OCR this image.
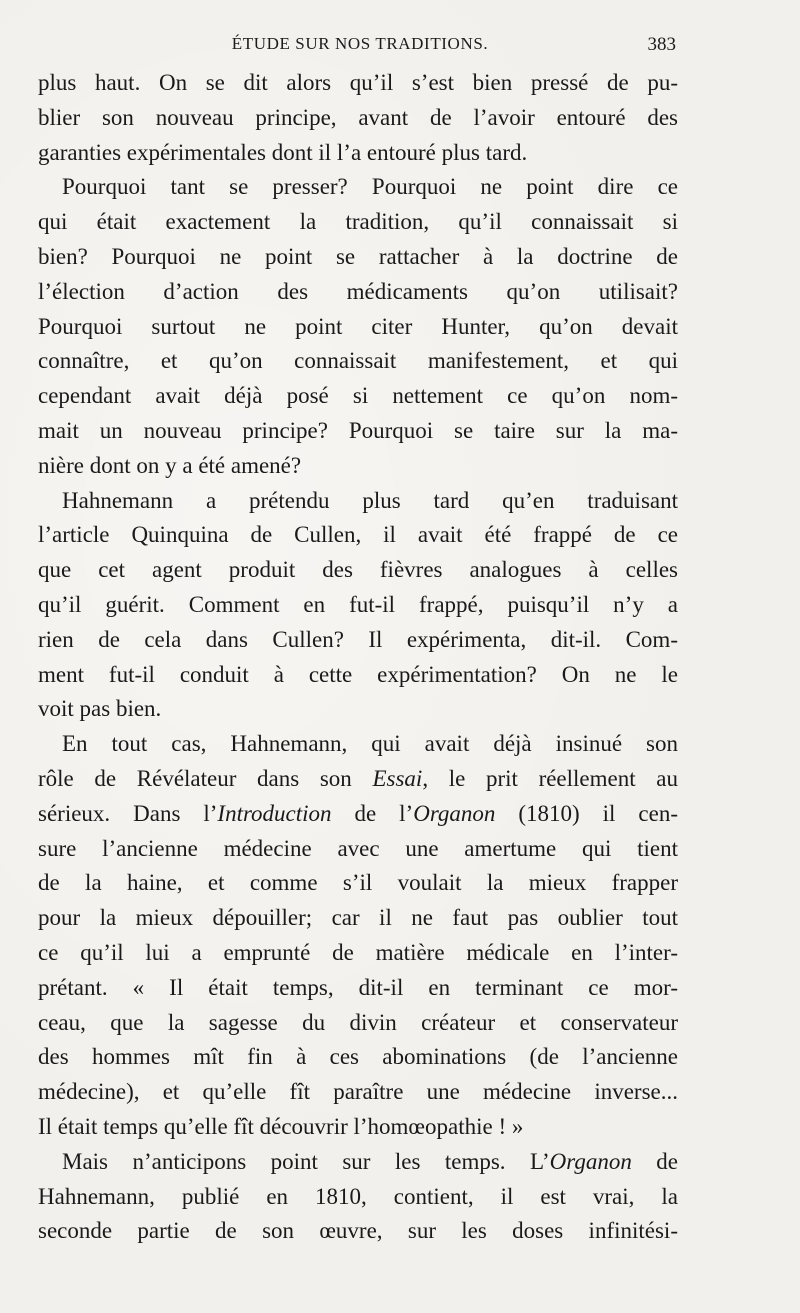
ÉTUDE SUR NOS TRADITIONS.	383
plus haut. On se dit alors qu’il s’est bien pressé de pu-
blier son nouveau principe, avant de l’avoir entouré des
garanties expérimentales dont il l’a entouré plus tard.
Pourquoi tant se presser? Pourquoi ne point dire ce
qui était exactement la tradition, qu’il connaissait si
bien? Pourquoi ne point se rattacher à la doctrine de
l’élection d’action des médicaments qu’on utilisait?
Pourquoi surtout ne point citer Hunter, qu’on devait
connaître, et qu’on connaissait manifestement, et qui
cependant avait déjà posé si nettement ce qu’on nom-
mait un nouveau principe? Pourquoi se taire sur la ma-
nière dont on y a été amené?
Hahnemann a prétendu plus tard qu’en traduisant
l’article Quinquina de Cullen, il avait été frappé de ce
que cet agent produit des fièvres analogues à celles
qu’il guérit. Comment en fut-il frappé, puisqu’il n’y a
rien de cela dans Cullen? Il expérimenta, dit-il. Com-
ment fut-il conduit à cette expérimentation? On ne le
voit pas bien.
En tout cas, Hahnemann, qui avait déjà insinué son
rôle de Révélateur dans son Essai, le prit réellement au
sérieux. Dans l’Introduction de l’Organon (1810) il cen-
sure l’ancienne médecine avec une amertume qui tient
de la haine, et comme s’il voulait la mieux frapper
pour la mieux dépouiller; car il ne faut pas oublier tout
ce qu’il lui a emprunté de matière médicale en l’inter-
prétant. « Il était temps, dit-il en terminant ce mor-
ceau, que la sagesse du divin créateur et conservateur
des hommes mît fin à ces abominations (de l’ancienne
médecine), et qu’elle fît paraître une médecine inverse...
Il était temps qu’elle fît découvrir l’homœopathie ! »
Mais n’anticipons point sur les temps. L’Organon de
Hahnemann, publié en 1810, contient, il est vrai, la
seconde partie de son œuvre, sur les doses infinitési-
